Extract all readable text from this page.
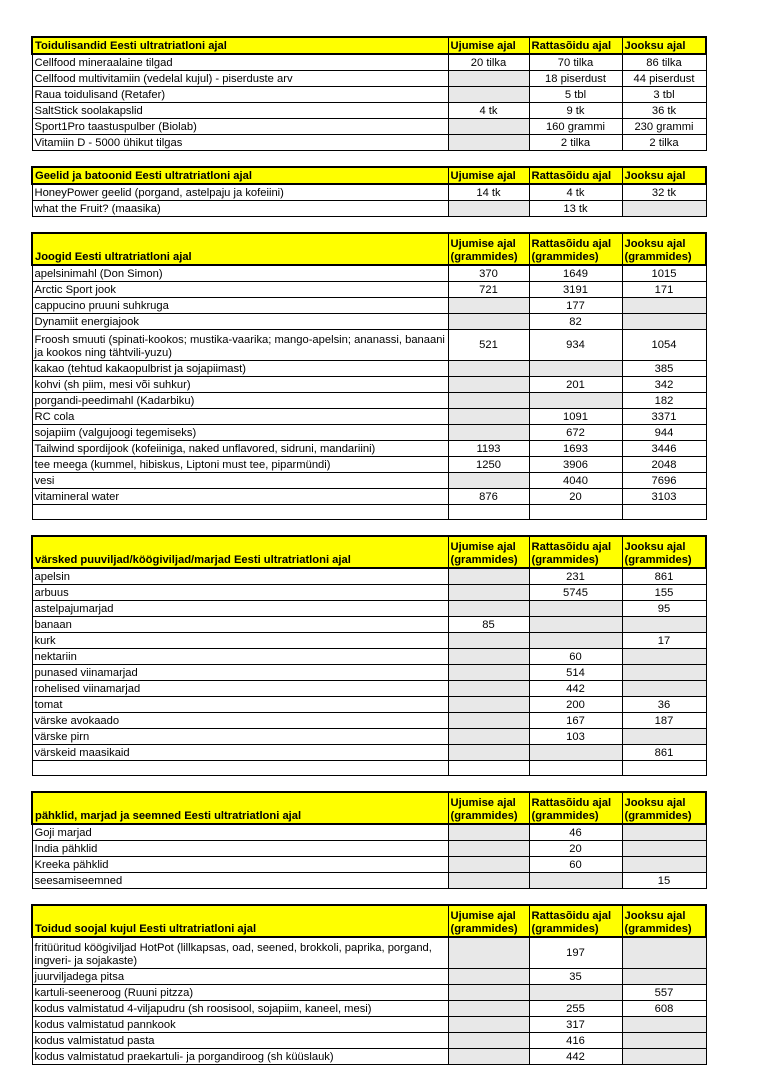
Toidulisandid Eesti ultratriatloni ajal	Ujumise ajal	Rattasõidu ajal	Jooksu ajal
Cellfood mineraalaine tilgad	20 tilka	70 tilka	86 tilka
Cellfood multivitamiin (vedelal kujul) - piserduste arv		18 piserdust	44 piserdust
Raua toidulisand (Retafer)		5 tbl	3 tbl
SaltStick soolakapslid	4 tk	9 tk	36 tk
Sport1Pro taastuspulber (Biolab)		160 grammi	230 grammi
Vitamiin D - 5000 ühikut tilgas		2 tilka	2 tilka
Geelid ja batoonid Eesti ultratriatloni ajal	Ujumise ajal	Rattasõidu ajal	Jooksu ajal
HoneyPower geelid (porgand, astelpaju ja kofeiini)	14 tk	4 tk	32 tk
what the Fruit? (maasika)		13 tk	
Joogid Eesti ultratriatloni ajal	Ujumise ajal (grammides)	Rattasõidu ajal (grammides)	Jooksu ajal (grammides)
apelsinimahl (Don Simon)	370	1649	1015
Arctic Sport jook	721	3191	171
cappucino pruuni suhkruga		177	
Dynamiit energiajook		82	
Froosh smuuti (spinati-kookos; mustika-vaarika; mango-apelsin; ananassi, banaani ja kookos ning tähtvili-yuzu)	521	934	1054
kakao (tehtud kakaopulbrist ja sojapiimast)			385
kohvi (sh piim, mesi või suhkur)		201	342
porgandi-peedimahl (Kadarbiku)			182
RC cola		1091	3371
sojapiim (valgujoogi tegemiseks)		672	944
Tailwind spordijook (kofeiiniga, naked unflavored, sidruni, mandariini)	1193	1693	3446
tee meega (kummel, hibiskus, Liptoni must tee, piparmündi)	1250	3906	2048
vesi		4040	7696
vitamineral water	876	20	3103

värsked puuviljad/köögiviljad/marjad Eesti ultratriatloni ajal	Ujumise ajal (grammides)	Rattasõidu ajal (grammides)	Jooksu ajal (grammides)
apelsin		231	861
arbuus		5745	155
astelpajumarjad			95
banaan	85		
kurk			17
nektariin		60	
punased viinamarjad		514	
rohelised viinamarjad		442	
tomat		200	36
värske avokaado		167	187
värske pirn		103	
värskeid maasikaid			861

pähklid, marjad ja seemned Eesti ultratriatloni ajal	Ujumise ajal (grammides)	Rattasõidu ajal (grammides)	Jooksu ajal (grammides)
Goji marjad		46	
India pähklid		20	
Kreeka pähklid		60	
seesamiseemned			15
Toidud soojal kujul Eesti ultratriatloni ajal	Ujumise ajal (grammides)	Rattasõidu ajal (grammides)	Jooksu ajal (grammides)
fritüüritud köögiviljad HotPot (lillkapsas, oad, seened, brokkoli, paprika, porgand, ingveri- ja sojakaste)		197	
juurviljadega pitsa		35	
kartuli-seeneroog (Ruuni pitzza)			557
kodus valmistatud 4-viljapudru (sh roosisool, sojapiim, kaneel, mesi)		255	608
kodus valmistatud pannkook		317	
kodus valmistatud pasta		416	
kodus valmistatud praekartuli- ja porgandiroog (sh küüslauk)		442	
